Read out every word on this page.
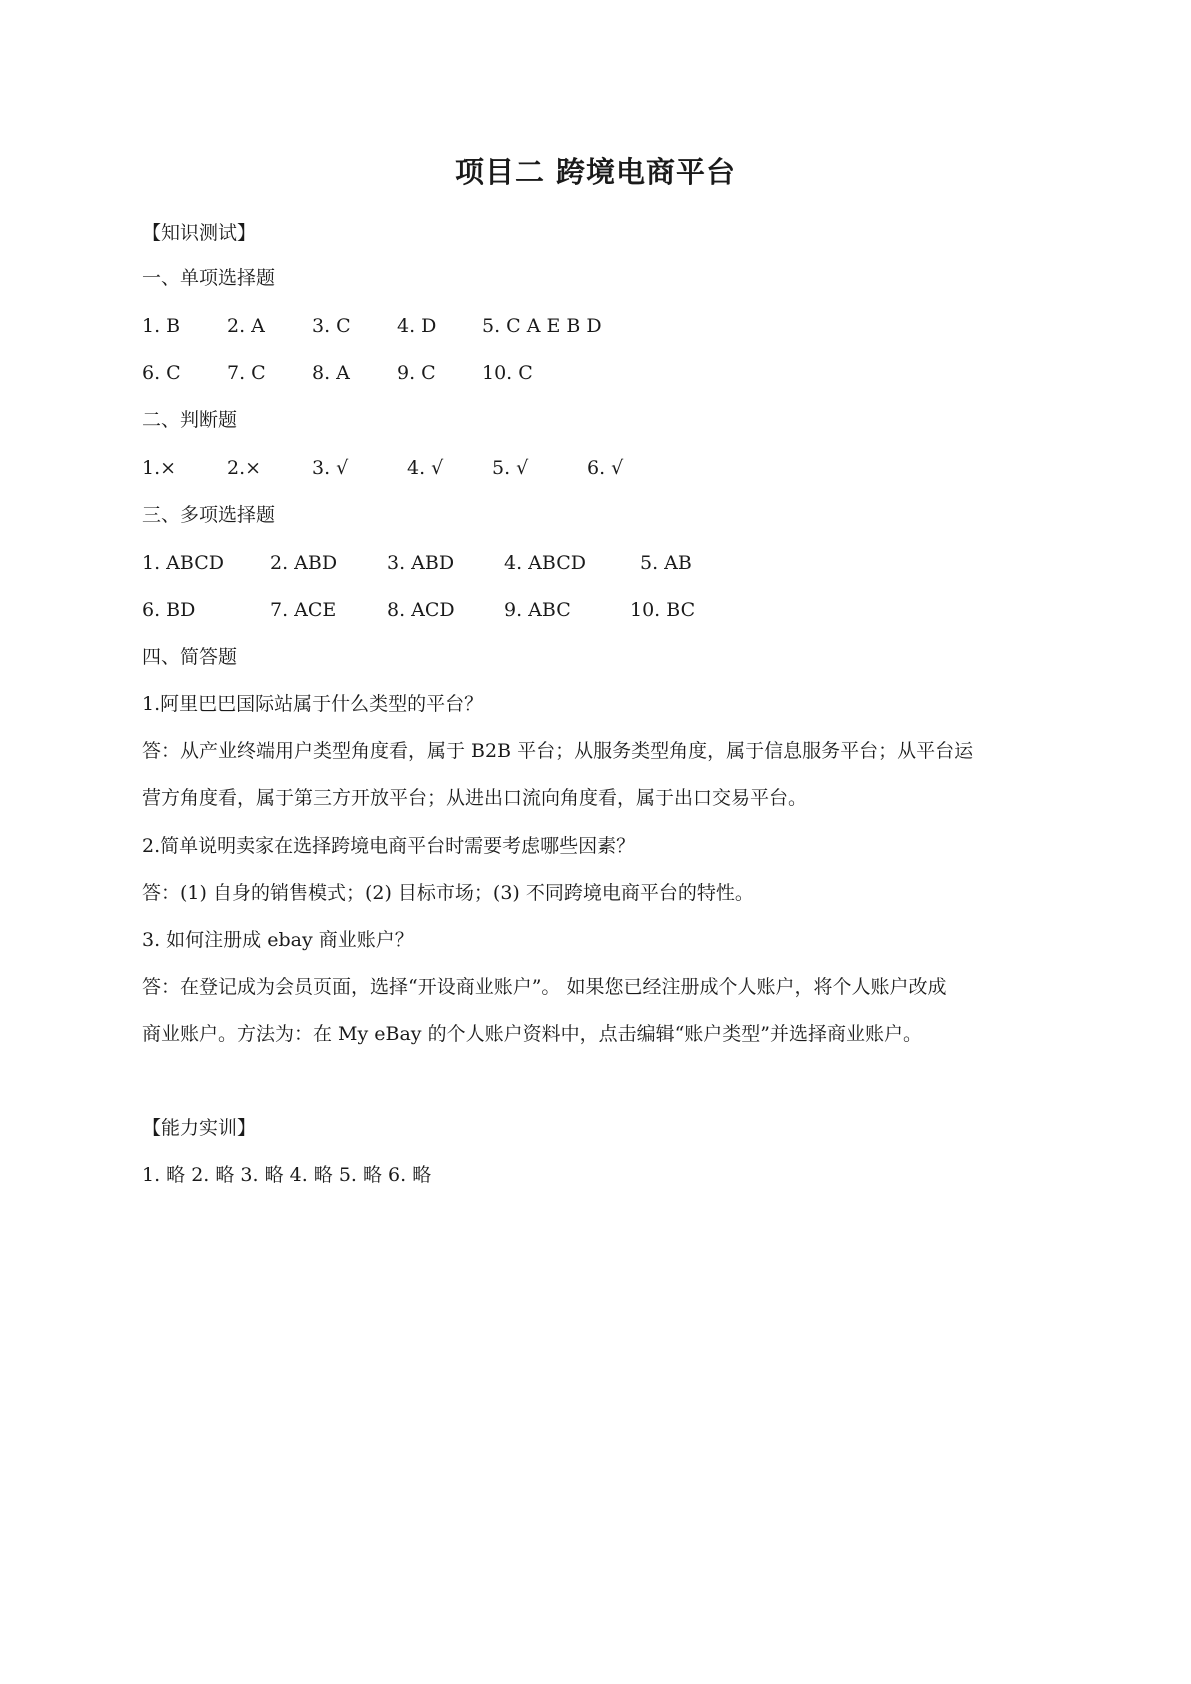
项目二 跨境电商平台
【知识测试】
一、单项选择题
1. B 2. A 3. C 4. D 5. C A E B D
6. C 7. C 8. A 9. C 10. C
二、判断题
1.×	2.×	3. √	4. √	5. √	6. √
三、多项选择题
1. ABCD 2. ABD	3. ABD	4. ABCD	5. AB
6. BD	7. ACE	8. ACD	9. ABC	10. BC
四、简答题
1.阿里巴巴国际站属于什么类型的平台？
答：从产业终端用户类型角度看，属于 B2B 平台；从服务类型角度，属于信息服务平台；从平台运
营方角度看，属于第三方开放平台；从进出口流向角度看，属于出口交易平台。
2.简单说明卖家在选择跨境电商平台时需要考虑哪些因素？
答：(1) 自身的销售模式；(2) 目标市场；(3) 不同跨境电商平台的特性。
3. 如何注册成 ebay 商业账户？
答：在登记成为会员页面，选择“开设商业账户”。 如果您已经注册成个人账户，将个人账户改成
商业账户。方法为：在 My eBay 的个人账户资料中，点击编辑“账户类型”并选择商业账户。
【能力实训】
1. 略 2. 略 3. 略 4. 略 5. 略 6. 略
